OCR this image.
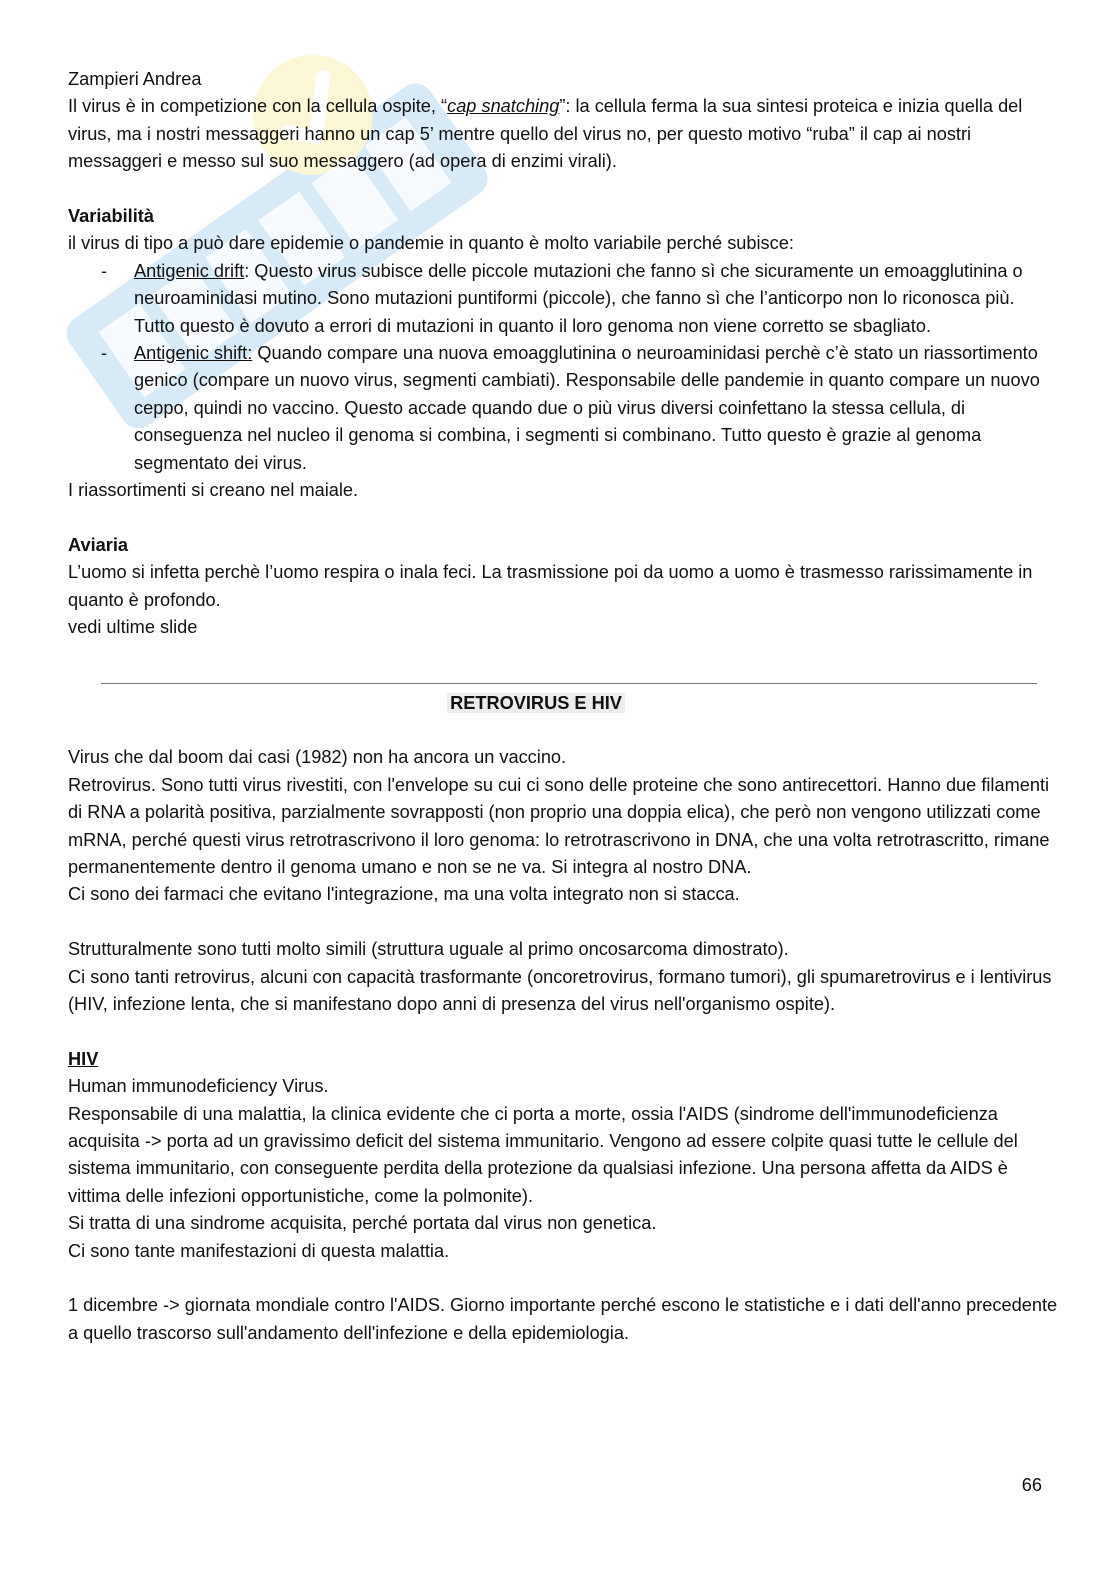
Zampieri Andrea

Il virus è in competizione con la cellula ospite, “cap snatching”: la cellula ferma la sua sintesi proteica e inizia quella del virus, ma i nostri messaggeri hanno un cap 5’ mentre quello del virus no, per questo motivo “ruba” il cap ai nostri messaggeri e messo sul suo messaggero (ad opera di enzimi virali).

Variabilità

il virus di tipo a può dare epidemie o pandemie in quanto è molto variabile perché subisce:

- Antigenic drift: Questo virus subisce delle piccole mutazioni che fanno sì che sicuramente un emoagglutinina o neuroaminidasi mutino. Sono mutazioni puntiformi (piccole), che fanno sì che l’anticorpo non lo riconosca più. Tutto questo è dovuto a errori di mutazioni in quanto il loro genoma non viene corretto se sbagliato.
- Antigenic shift: Quando compare una nuova emoagglutinina o neuroaminidasi perchè c’è stato un riassortimento genico (compare un nuovo virus, segmenti cambiati). Responsabile delle pandemie in quanto compare un nuovo ceppo, quindi no vaccino. Questo accade quando due o più virus diversi coinfettano la stessa cellula, di conseguenza nel nucleo il genoma si combina, i segmenti si combinano. Tutto questo è grazie al genoma segmentato dei virus.

I riassortimenti si creano nel maiale.

Aviaria

L’uomo si infetta perchè l’uomo respira o inala feci. La trasmissione poi da uomo a uomo è trasmesso rarissimamente in quanto è profondo.

vedi ultime slide

RETROVIRUS E HIV

Virus che dal boom dai casi (1982) non ha ancora un vaccino.

Retrovirus. Sono tutti virus rivestiti, con l'envelope su cui ci sono delle proteine che sono antirecettori. Hanno due filamenti di RNA a polarità positiva, parzialmente sovrapposti (non proprio una doppia elica), che però non vengono utilizzati come mRNA, perché questi virus retrotrascrivono il loro genoma: lo retrotrascrivono in DNA, che una volta retrotrascritto, rimane permanentemente dentro il genoma umano e non se ne va. Si integra al nostro DNA.

Ci sono dei farmaci che evitano l'integrazione, ma una volta integrato non si stacca.

Strutturalmente sono tutti molto simili (struttura uguale al primo oncosarcoma dimostrato).

Ci sono tanti retrovirus, alcuni con capacità trasformante (oncoretrovirus, formano tumori), gli spumaretrovirus e i lentivirus (HIV, infezione lenta, che si manifestano dopo anni di presenza del virus nell'organismo ospite).

HIV

Human immunodeficiency Virus.

Responsabile di una malattia, la clinica evidente che ci porta a morte, ossia l'AIDS (sindrome dell'immunodeficienza acquisita -> porta ad un gravissimo deficit del sistema immunitario. Vengono ad essere colpite quasi tutte le cellule del sistema immunitario, con conseguente perdita della protezione da qualsiasi infezione. Una persona affetta da AIDS è vittima delle infezioni opportunistiche, come la polmonite).

Si tratta di una sindrome acquisita, perché portata dal virus non genetica.

Ci sono tante manifestazioni di questa malattia.

1 dicembre -> giornata mondiale contro l'AIDS. Giorno importante perché escono le statistiche e i dati dell'anno precedente a quello trascorso sull'andamento dell'infezione e della epidemiologia.

66
